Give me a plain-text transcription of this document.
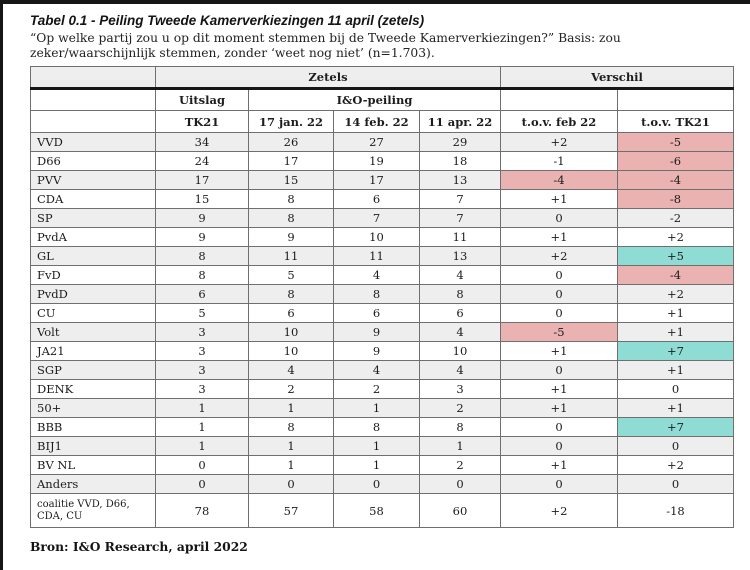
Tabel 0.1 - Peiling Tweede Kamerverkiezingen 11 april (zetels)
“Op welke partij zou u op dit moment stemmen bij de Tweede Kamerverkiezingen?” Basis: zou zeker/waarschijnlijk stemmen, zonder ‘weet nog niet’ (n=1.703).
	Zetels				Verschil	
	Uitslag	I&O-peiling				
	TK21	17 jan. 22	14 feb. 22	11 apr. 22	t.o.v. feb 22	t.o.v. TK21
VVD	34	26	27	29	+2	-5
D66	24	17	19	18	-1	-6
PVV	17	15	17	13	-4	-4
CDA	15	8	6	7	+1	-8
SP	9	8	7	7	0	-2
PvdA	9	9	10	11	+1	+2
GL	8	11	11	13	+2	+5
FvD	8	5	4	4	0	-4
PvdD	6	8	8	8	0	+2
CU	5	6	6	6	0	+1
Volt	3	10	9	4	-5	+1
JA21	3	10	9	10	+1	+7
SGP	3	4	4	4	0	+1
DENK	3	2	2	3	+1	0
50+	1	1	1	2	+1	+1
BBB	1	8	8	8	0	+7
BIJ1	1	1	1	1	0	0
BV NL	0	1	1	2	+1	+2
Anders	0	0	0	0	0	0
coalitie VVD, D66, CDA, CU	78	57	58	60	+2	-18
Bron: I&O Research, april 2022
